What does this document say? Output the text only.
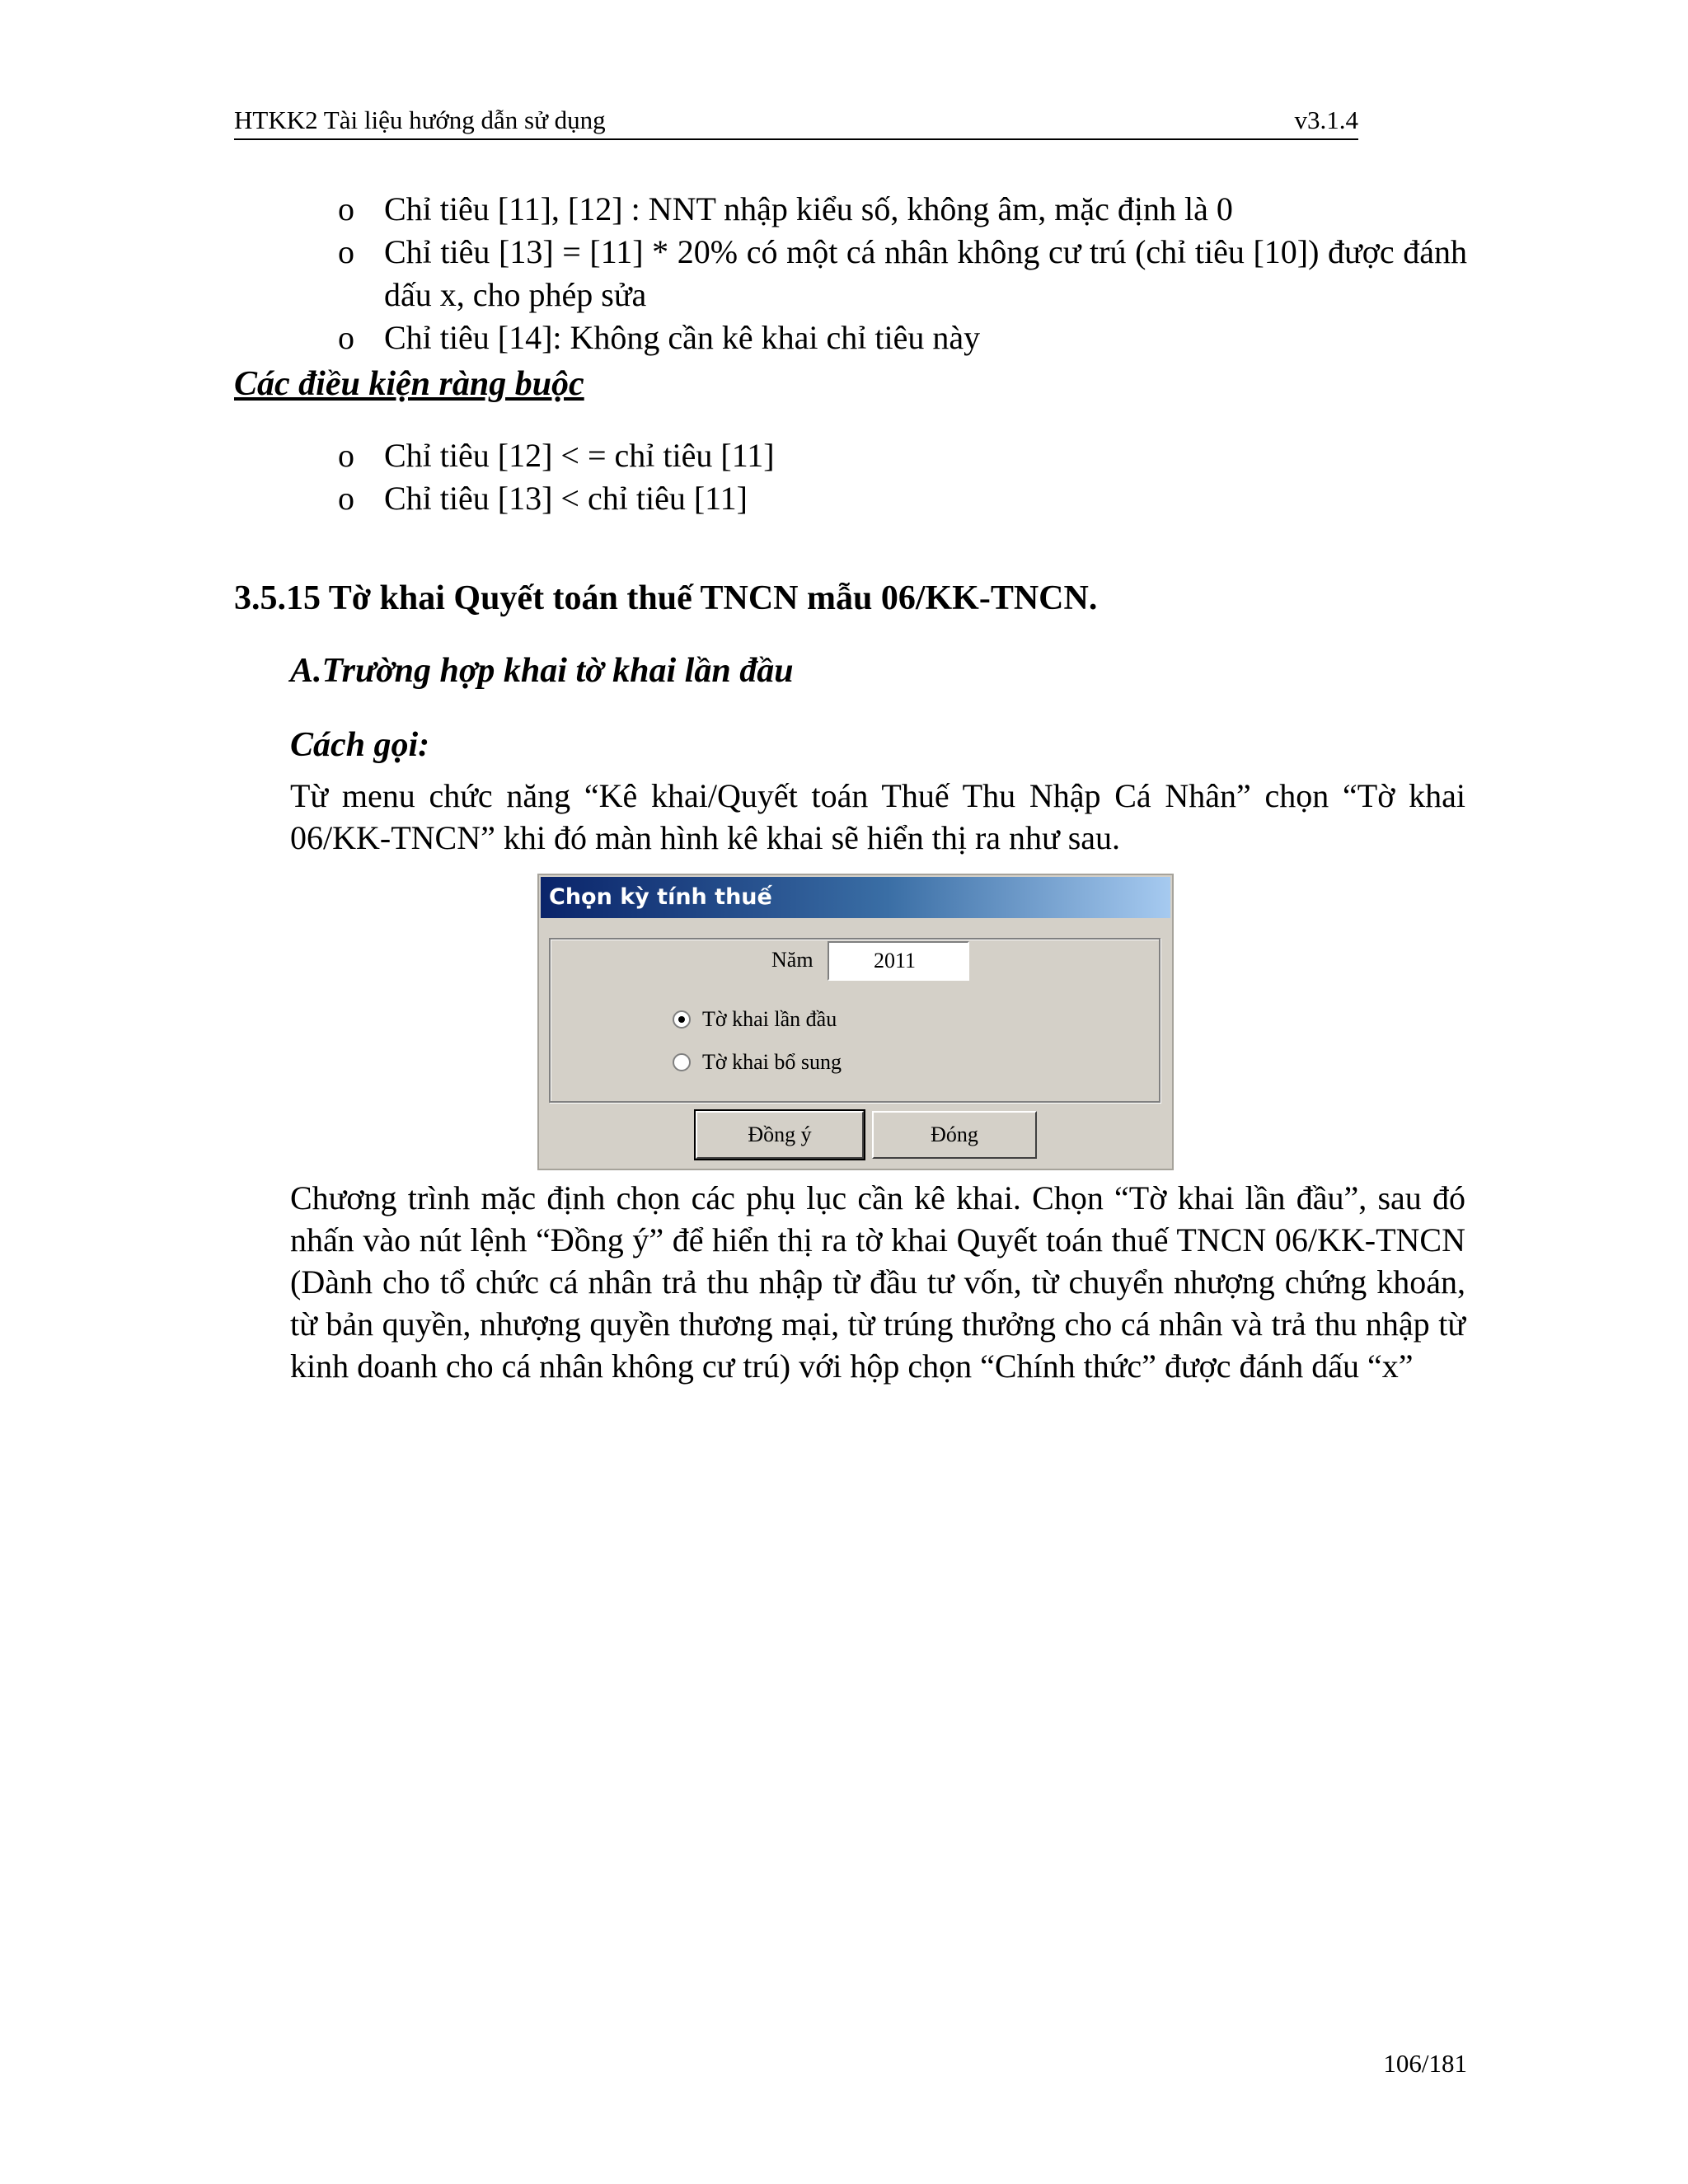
HTKK2 Tài liệu hướng dẫn sử dụng	v3.1.4
o Chỉ tiêu [11], [12] : NNT nhập kiểu số, không âm, mặc định là 0
o Chỉ tiêu [13] = [11] * 20% có một cá nhân không cư trú (chỉ tiêu [10]) được đánh dấu x, cho phép sửa
o Chỉ tiêu [14]: Không cần kê khai chỉ tiêu này
Các điều kiện ràng buộc
o Chỉ tiêu [12] < = chỉ tiêu [11]
o Chỉ tiêu [13] < chỉ tiêu [11]
3.5.15 Tờ khai Quyết toán thuế TNCN mẫu 06/KK-TNCN.
A.Trường hợp khai tờ khai lần đầu
Cách gọi:
Từ menu chức năng “Kê khai/Quyết toán Thuế Thu Nhập Cá Nhân” chọn “Tờ khai 06/KK-TNCN” khi đó màn hình kê khai sẽ hiển thị ra như sau.
Chọn kỳ tính thuế
Năm	2011
Tờ khai lần đầu
Tờ khai bổ sung
Đồng ý	Đóng
Chương trình mặc định chọn các phụ lục cần kê khai. Chọn “Tờ khai lần đầu”, sau đó nhấn vào nút lệnh “Đồng ý” để hiển thị ra tờ khai Quyết toán thuế TNCN 06/KK-TNCN (Dành cho tổ chức cá nhân trả thu nhập từ đầu tư vốn, từ chuyển nhượng chứng khoán, từ bản quyền, nhượng quyền thương mại, từ trúng thưởng cho cá nhân và trả thu nhập từ kinh doanh cho cá nhân không cư trú) với hộp chọn “Chính thức” được đánh dấu “x”
106/181
